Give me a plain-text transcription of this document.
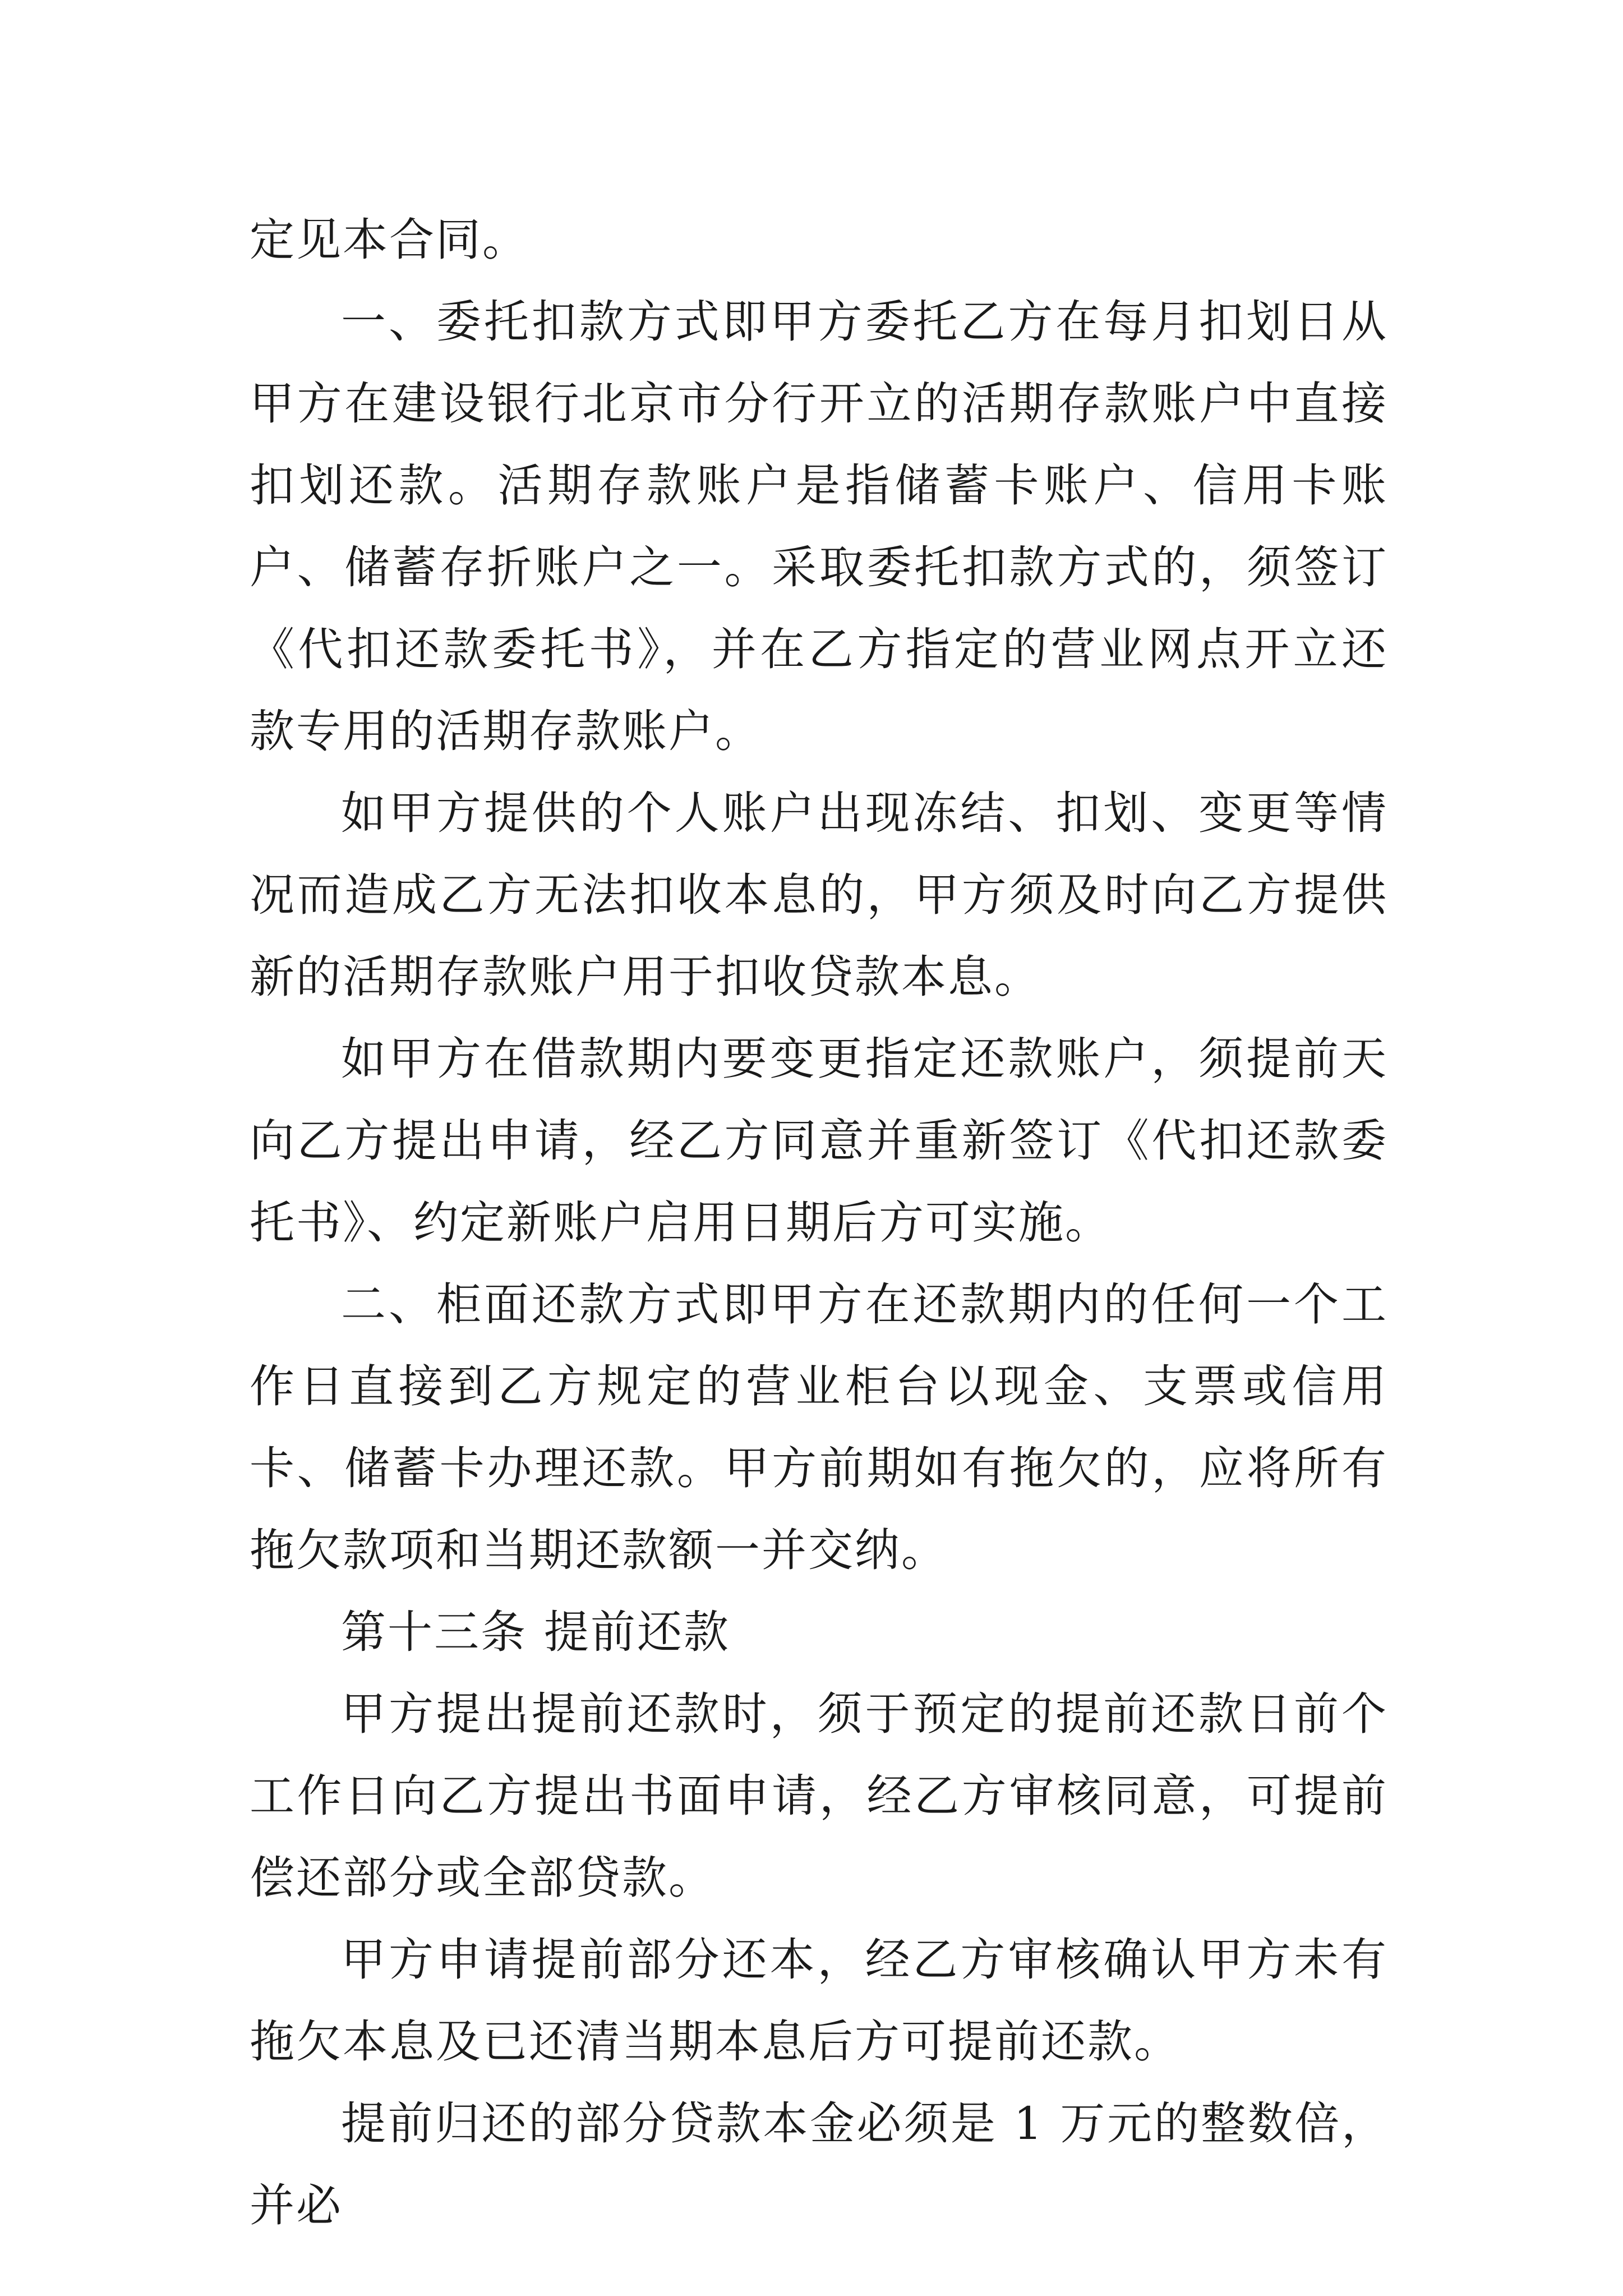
定见本合同。

一、委托扣款方式即甲方委托乙方在每月扣划日从甲方在建设银行北京市分行开立的活期存款账户中直接扣划还款。活期存款账户是指储蓄卡账户、信用卡账户、储蓄存折账户之一。采取委托扣款方式的，须签订《代扣还款委托书》，并在乙方指定的营业网点开立还款专用的活期存款账户。

如甲方提供的个人账户出现冻结、扣划、变更等情况而造成乙方无法扣收本息的，甲方须及时向乙方提供新的活期存款账户用于扣收贷款本息。

如甲方在借款期内要变更指定还款账户，须提前天向乙方提出申请，经乙方同意并重新签订《代扣还款委托书》、约定新账户启用日期后方可实施。

二、柜面还款方式即甲方在还款期内的任何一个工作日直接到乙方规定的营业柜台以现金、支票或信用卡、储蓄卡办理还款。甲方前期如有拖欠的，应将所有拖欠款项和当期还款额一并交纳。

第十三条 提前还款

甲方提出提前还款时，须于预定的提前还款日前个工作日向乙方提出书面申请，经乙方审核同意，可提前偿还部分或全部贷款。

甲方申请提前部分还本，经乙方审核确认甲方未有拖欠本息及已还清当期本息后方可提前还款。

提前归还的部分贷款本金必须是 1 万元的整数倍，并必
